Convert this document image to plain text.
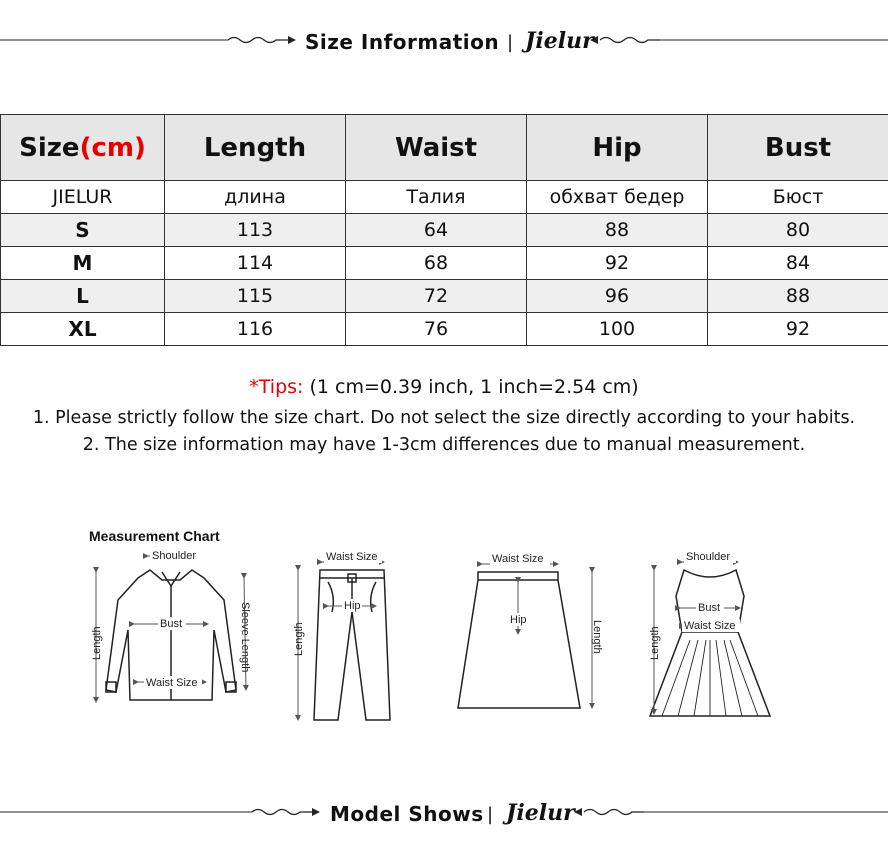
Size Information | Jielur
Size(cm)	Length	Waist	Hip	Bust
JIELUR	длина	Талия	обхват бедер	Бюст
S	113	64	88	80
M	114	68	92	84
L	115	72	96	88
XL	116	76	100	92
*Tips: (1 cm=0.39 inch, 1 inch=2.54 cm)
1. Please strictly follow the size chart. Do not select the size directly according to your habits.
2. The size information may have 1-3cm differences due to manual measurement.
Measurement Chart
Shoulder
Bust
Waist Size
Length	Sleeve Length
Waist Size
Hip
Length
Waist Size
Hip	Length
Shoulder
Bust
Waist Size
Length
Model Shows | Jielur
